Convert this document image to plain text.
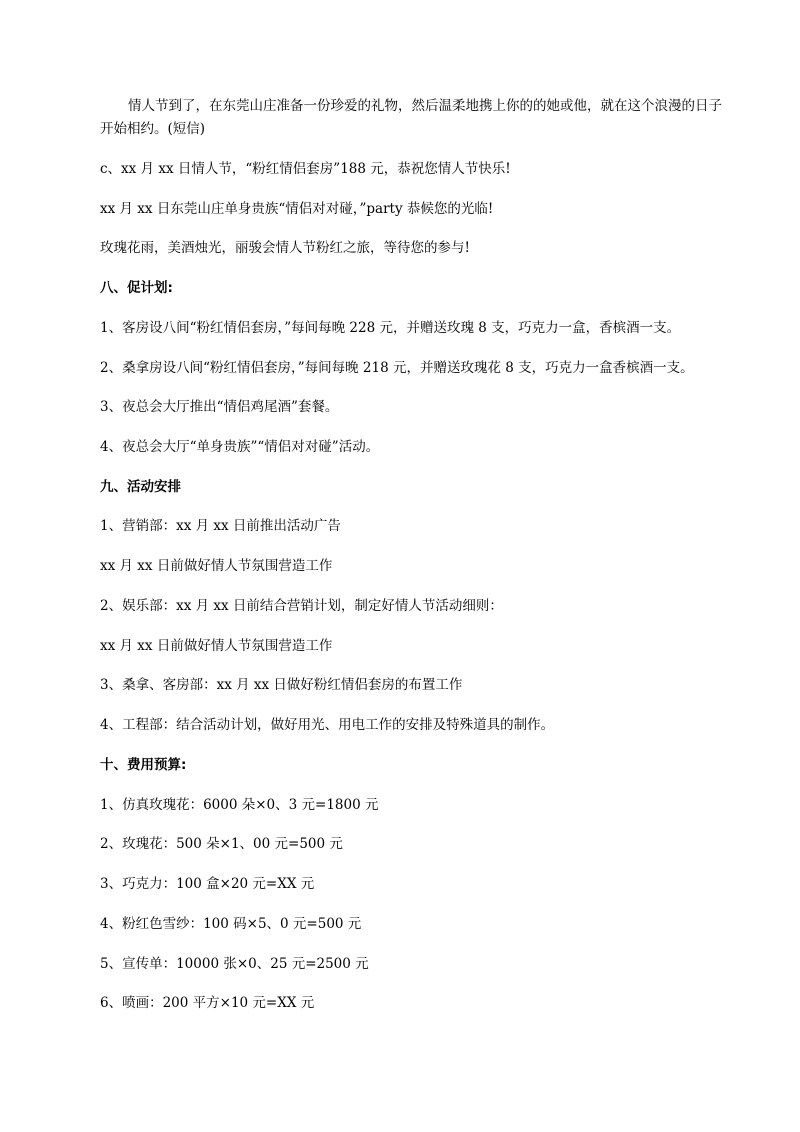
情人节到了，在东莞山庄准备一份珍爱的礼物，然后温柔地携上你的的她或他，就在这个浪漫的日子
开始相约。(短信)
c、xx 月 xx 日情人节，“粉红情侣套房”188 元，恭祝您情人节快乐!
xx 月 xx 日东莞山庄单身贵族“情侣对对碰，”party 恭候您的光临!
玫瑰花雨，美酒烛光，丽骏会情人节粉红之旅，等待您的参与!
八、促计划:
1、客房设八间“粉红情侣套房，”每间每晚 228 元，并赠送玫瑰 8 支，巧克力一盒，香槟酒一支。
2、桑拿房设八间“粉红情侣套房，”每间每晚 218 元，并赠送玫瑰花 8 支，巧克力一盒香槟酒一支。
3、夜总会大厅推出“情侣鸡尾酒”套餐。
4、夜总会大厅“单身贵族”“情侣对对碰”活动。
九、活动安排
1、营销部：xx 月 xx 日前推出活动广告
xx 月 xx 日前做好情人节氛围营造工作
2、娱乐部：xx 月 xx 日前结合营销计划，制定好情人节活动细则：
xx 月 xx 日前做好情人节氛围营造工作
3、桑拿、客房部：xx 月 xx 日做好粉红情侣套房的布置工作
4、工程部：结合活动计划，做好用光、用电工作的安排及特殊道具的制作。
十、费用预算:
1、仿真玫瑰花：6000 朵×0、3 元=1800 元
2、玫瑰花：500 朵×1、00 元=500 元
3、巧克力：100 盒×20 元=XX 元
4、粉红色雪纱：100 码×5、0 元=500 元
5、宣传单：10000 张×0、25 元=2500 元
6、喷画：200 平方×10 元=XX 元
